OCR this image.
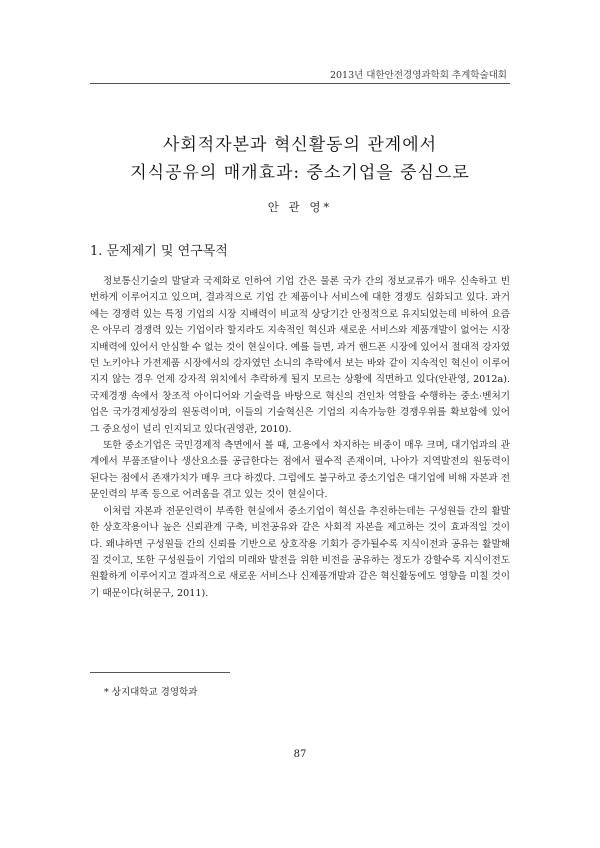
2013년 대한안전경영과학회 추계학술대회
사회적자본과 혁신활동의 관계에서
지식공유의 매개효과: 중소기업을 중심으로
안 관 영*
1. 문제제기 및 연구목적

정보통신기술의 발달과 국제화로 인하여 기업 간은 물론 국가 간의 정보교류가 매우 신속하고 빈번하게 이루어지고 있으며, 결과적으로 기업 간 제품이나 서비스에 대한 경쟁도 심화되고 있다. 과거에는 경쟁력 있는 특정 기업의 시장 지배력이 비교적 상당기간 안정적으로 유지되었는데 비하여 요즘은 아무리 경쟁력 있는 기업이라 할지라도 지속적인 혁신과 새로운 서비스와 제품개발이 없어는 시장지배력에 있어서 안심할 수 없는 것이 현실이다. 예를 들면, 과거 핸드폰 시장에 있어서 절대적 강자였던 노키아나 가전제품 시장에서의 강자였던 소니의 추락에서 보는 바와 같이 지속적인 혁신이 이루어지지 않는 경우 언제 강자적 위치에서 추락하게 될지 모르는 상황에 직면하고 있다(안관영, 2012a). 국제경쟁 속에서 창조적 아이디어와 기술력을 바탕으로 혁신의 견인차 역할을 수행하는 중소·벤처기업은 국가경제성장의 원동력이며, 이들의 기술혁신은 기업의 지속가능한 경쟁우위를 확보함에 있어 그 중요성이 널리 인지되고 있다(권영관, 2010).

또한 중소기업은 국민경제적 측면에서 볼 때, 고용에서 차지하는 비중이 매우 크며, 대기업과의 관계에서 부품조달이나 생산요소를 공급한다는 점에서 필수적 존재이며, 나아가 지역발전의 원동력이 된다는 점에서 존재가치가 매우 크다 하겠다. 그럼에도 불구하고 중소기업은 대기업에 비해 자본과 전문인력의 부족 등으로 어려움을 겪고 있는 것이 현실이다.

이처럼 자본과 전문인력이 부족한 현실에서 중소기업이 혁신을 추진하는데는 구성원들 간의 활발한 상호작용이나 높은 신뢰관계 구축, 비전공유와 같은 사회적 자본을 제고하는 것이 효과적일 것이다. 왜냐하면 구성원들 간의 신뢰를 기반으로 상호작용 기회가 증가될수록 지식이전과 공유는 활발해질 것이고, 또한 구성원들이 기업의 미래와 발전을 위한 비전을 공유하는 정도가 강할수록 지식이전도 원활하게 이루어지고 결과적으로 새로운 서비스나 신제품개발과 같은 혁신활동에도 영향을 미칠 것이기 때문이다(허문구, 2011).

* 상지대학교 경영학과
87
